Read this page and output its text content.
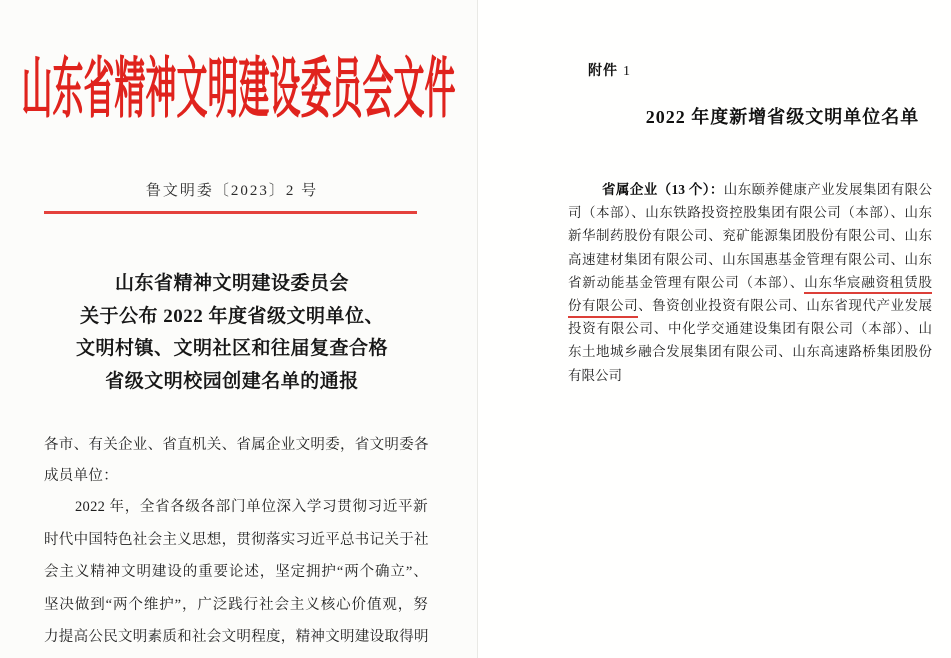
山东省精神文明建设委员会文件
鲁文明委〔2023〕2 号
山东省精神文明建设委员会
关于公布 2022 年度省级文明单位、
文明村镇、文明社区和往届复查合格
省级文明校园创建名单的通报
各市、有关企业、省直机关、省属企业文明委，省文明委各
成员单位：
2022 年，全省各级各部门单位深入学习贯彻习近平新
时代中国特色社会主义思想，贯彻落实习近平总书记关于社
会主义精神文明建设的重要论述，坚定拥护“两个确立”、
坚决做到“两个维护”，广泛践行社会主义核心价值观，努
力提高公民文明素质和社会文明程度，精神文明建设取得明
附件 1
2022 年度新增省级文明单位名单
省属企业（13 个）：山东颐养健康产业发展集团有限公
司（本部）、山东铁路投资控股集团有限公司（本部）、山东
新华制药股份有限公司、兖矿能源集团股份有限公司、山东
高速建材集团有限公司、山东国惠基金管理有限公司、山东
省新动能基金管理有限公司（本部）、山东华宸融资租赁股
份有限公司、鲁资创业投资有限公司、山东省现代产业发展
投资有限公司、中化学交通建设集团有限公司（本部）、山
东土地城乡融合发展集团有限公司、山东高速路桥集团股份
有限公司
